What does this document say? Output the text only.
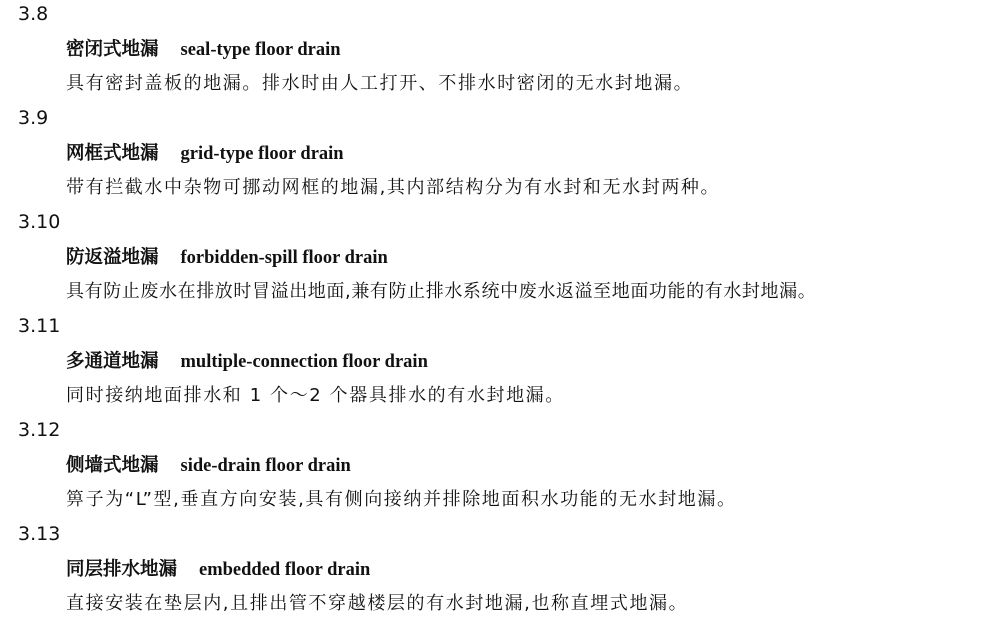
3.8
密闭式地漏 seal-type floor drain
具有密封盖板的地漏。排水时由人工打开、不排水时密闭的无水封地漏。
3.9
网框式地漏 grid-type floor drain
带有拦截水中杂物可挪动网框的地漏,其内部结构分为有水封和无水封两种。
3.10
防返溢地漏 forbidden-spill floor drain
具有防止废水在排放时冒溢出地面,兼有防止排水系统中废水返溢至地面功能的有水封地漏。
3.11
多通道地漏 multiple-connection floor drain
同时接纳地面排水和 1 个～2 个器具排水的有水封地漏。
3.12
侧墙式地漏 side-drain floor drain
箅子为“L”型,垂直方向安装,具有侧向接纳并排除地面积水功能的无水封地漏。
3.13
同层排水地漏 embedded floor drain
直接安装在垫层内,且排出管不穿越楼层的有水封地漏,也称直埋式地漏。
